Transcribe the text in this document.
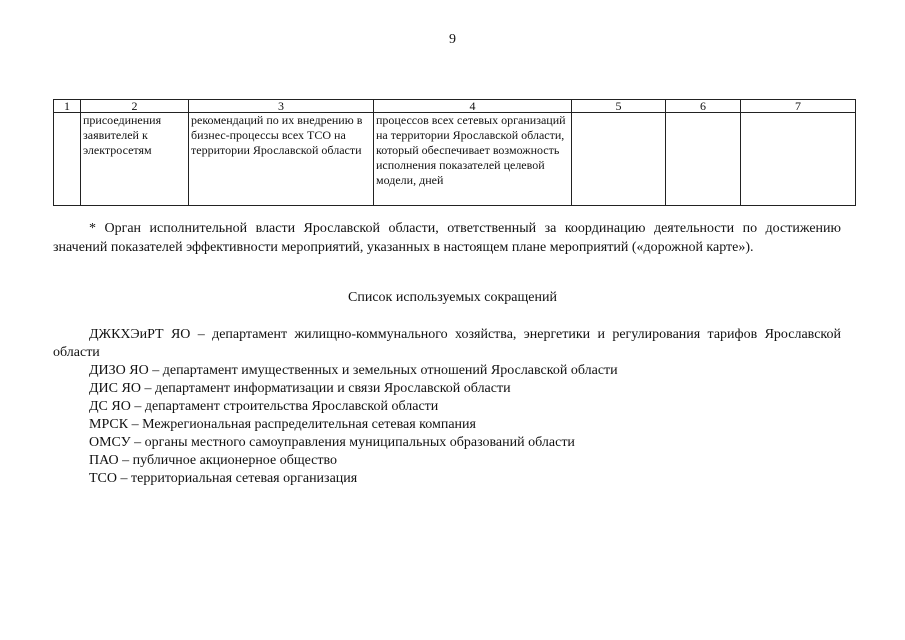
9
1	2	3	4	5	6	7
	присоединения заявителей к электросетям	рекомендаций по их внедрению в бизнес-процессы всех ТСО на территории Ярославской области	процессов всех сетевых организаций на территории Ярославской области, который обеспечивает возможность исполнения показателей целевой модели, дней			

* Орган исполнительной власти Ярославской области, ответственный за координацию деятельности по достижению значений показателей эффективности мероприятий, указанных в настоящем плане мероприятий («дорожной карте»).

Список используемых сокращений
ДЖКХЭиРТ ЯО – департамент жилищно-коммунального хозяйства, энергетики и регулирования тарифов Ярославской области
ДИЗО ЯО – департамент имущественных и земельных отношений Ярославской области
ДИС ЯО – департамент информатизации и связи Ярославской области
ДС ЯО – департамент строительства Ярославской области
МРСК – Межрегиональная распределительная сетевая компания
ОМСУ – органы местного самоуправления муниципальных образований области
ПАО – публичное акционерное общество
ТСО – территориальная сетевая организация
